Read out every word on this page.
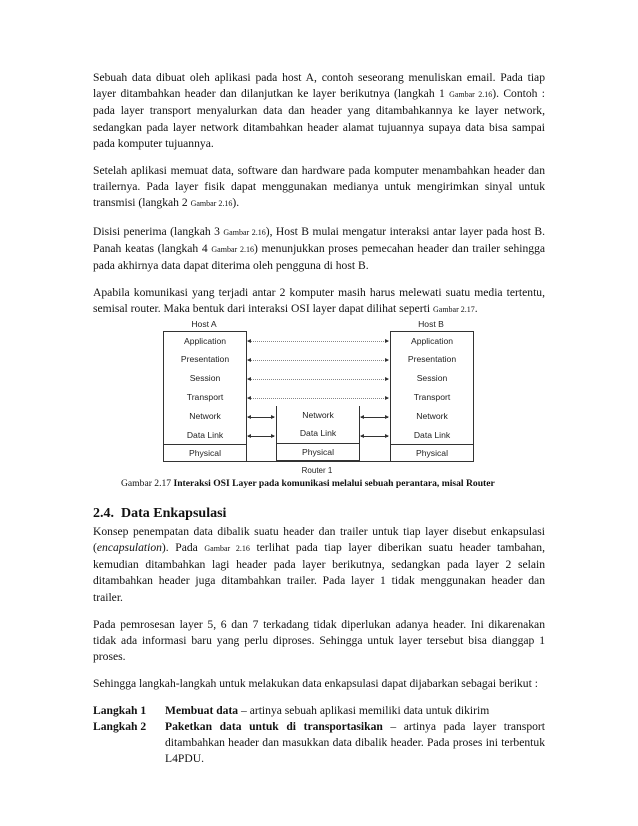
Sebuah data dibuat oleh aplikasi pada host A, contoh seseorang menuliskan email. Pada tiap layer ditambahkan header dan dilanjutkan ke layer berikutnya (langkah 1 Gambar 2.16). Contoh : pada layer transport menyalurkan data dan header yang ditambahkannya ke layer network, sedangkan pada layer network ditambahkan header alamat tujuannya supaya data bisa sampai pada komputer tujuannya.

Setelah aplikasi memuat data, software dan hardware pada komputer menambahkan header dan trailernya. Pada layer fisik dapat menggunakan medianya untuk mengirimkan sinyal untuk transmisi (langkah 2 Gambar 2.16).

Disisi penerima (langkah 3 Gambar 2.16), Host B mulai mengatur interaksi antar layer pada host B. Panah keatas (langkah 4 Gambar 2.16) menunjukkan proses pemecahan header dan trailer sehingga pada akhirnya data dapat diterima oleh pengguna di host B.

Apabila komunikasi yang terjadi antar 2 komputer masih harus melewati suatu media tertentu, semisal router. Maka bentuk dari interaksi OSI layer dapat dilihat seperti Gambar 2.17.

Host A	Host B
Application
Presentation
Session
Transport
Network
Data Link
Physical
Application
Presentation
Session
Transport
Network
Data Link
Physical
Network
Data Link
Physical
Router 1

Gambar 2.17 Interaksi OSI Layer pada komunikasi melalui sebuah perantara, misal Router

2.4. Data Enkapsulasi

Konsep penempatan data dibalik suatu header dan trailer untuk tiap layer disebut enkapsulasi (encapsulation). Pada Gambar 2.16 terlihat pada tiap layer diberikan suatu header tambahan, kemudian ditambahkan lagi header pada layer berikutnya, sedangkan pada layer 2 selain ditambahkan header juga ditambahkan trailer. Pada layer 1 tidak menggunakan header dan trailer.

Pada pemrosesan layer 5, 6 dan 7 terkadang tidak diperlukan adanya header. Ini dikarenakan tidak ada informasi baru yang perlu diproses. Sehingga untuk layer tersebut bisa dianggap 1 proses.

Sehingga langkah-langkah untuk melakukan data enkapsulasi dapat dijabarkan sebagai berikut :

Langkah 1	Membuat data – artinya sebuah aplikasi memiliki data untuk dikirim
Langkah 2	Paketkan data untuk di transportasikan – artinya pada layer transport ditambahkan header dan masukkan data dibalik header. Pada proses ini terbentuk L4PDU.
